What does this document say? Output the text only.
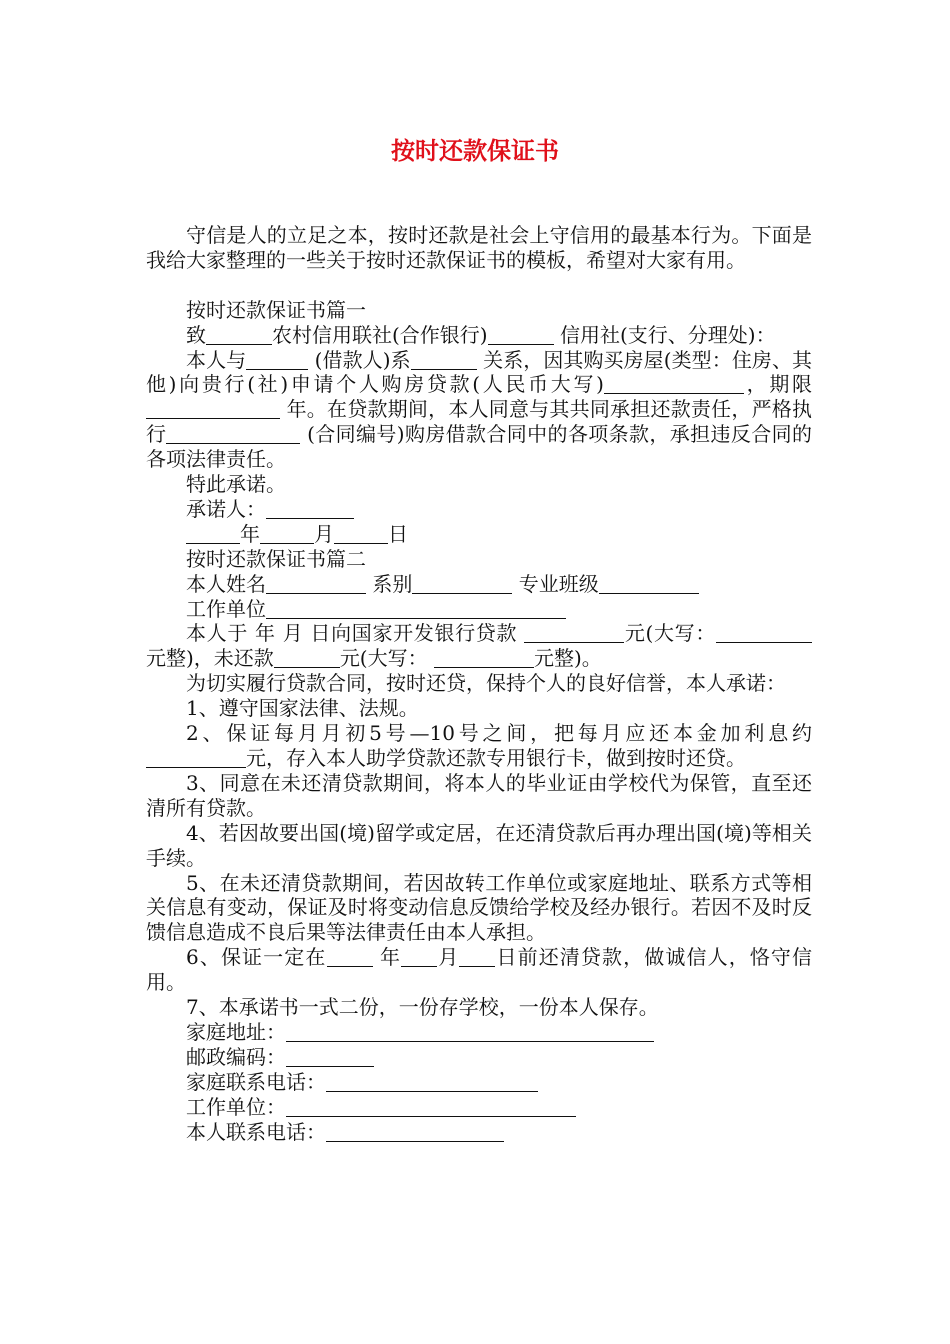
按时还款保证书

守信是人的立足之本，按时还款是社会上守信用的最基本行为。下面是我给大家整理的一些关于按时还款保证书的模板，希望对大家有用。

按时还款保证书篇一

致	农村信用联社(合作银行)	信用社(支行、分理处)：

本人与	(借款人)系	关系，因其购买房屋(类型：住房、其他)向贵行(社)申请个人购房贷款(人民币大写)	，期限 年。在贷款期间，本人同意与其共同承担还款责任，严格执行	(合同编号)购房借款合同中的各项条款，承担违反合同的各项法律责任。

特此承诺。

承诺人：

年	月	日

按时还款保证书篇二

本人姓名	系别	专业班级

工作单位

本人于 年 月 日向国家开发银行贷款	元(大写：元整)，未还款	元(大写：	元整)。

为切实履行贷款合同，按时还贷，保持个人的良好信誉，本人承诺：

1、遵守国家法律、法规。

2、保证每月月初5号—10号之间，把每月应还本金加利息约元，存入本人助学贷款还款专用银行卡，做到按时还贷。

3、同意在未还清贷款期间，将本人的毕业证由学校代为保管，直至还清所有贷款。

4、若因故要出国(境)留学或定居，在还清贷款后再办理出国(境)等相关手续。

5、在未还清贷款期间，若因故转工作单位或家庭地址、联系方式等相关信息有变动，保证及时将变动信息反馈给学校及经办银行。若因不及时反馈信息造成不良后果等法律责任由本人承担。

6、保证一定在	年 月 日前还清贷款，做诚信人，恪守信用。

7、本承诺书一式二份，一份存学校，一份本人保存。

家庭地址：

邮政编码：

家庭联系电话：

工作单位：

本人联系电话：
